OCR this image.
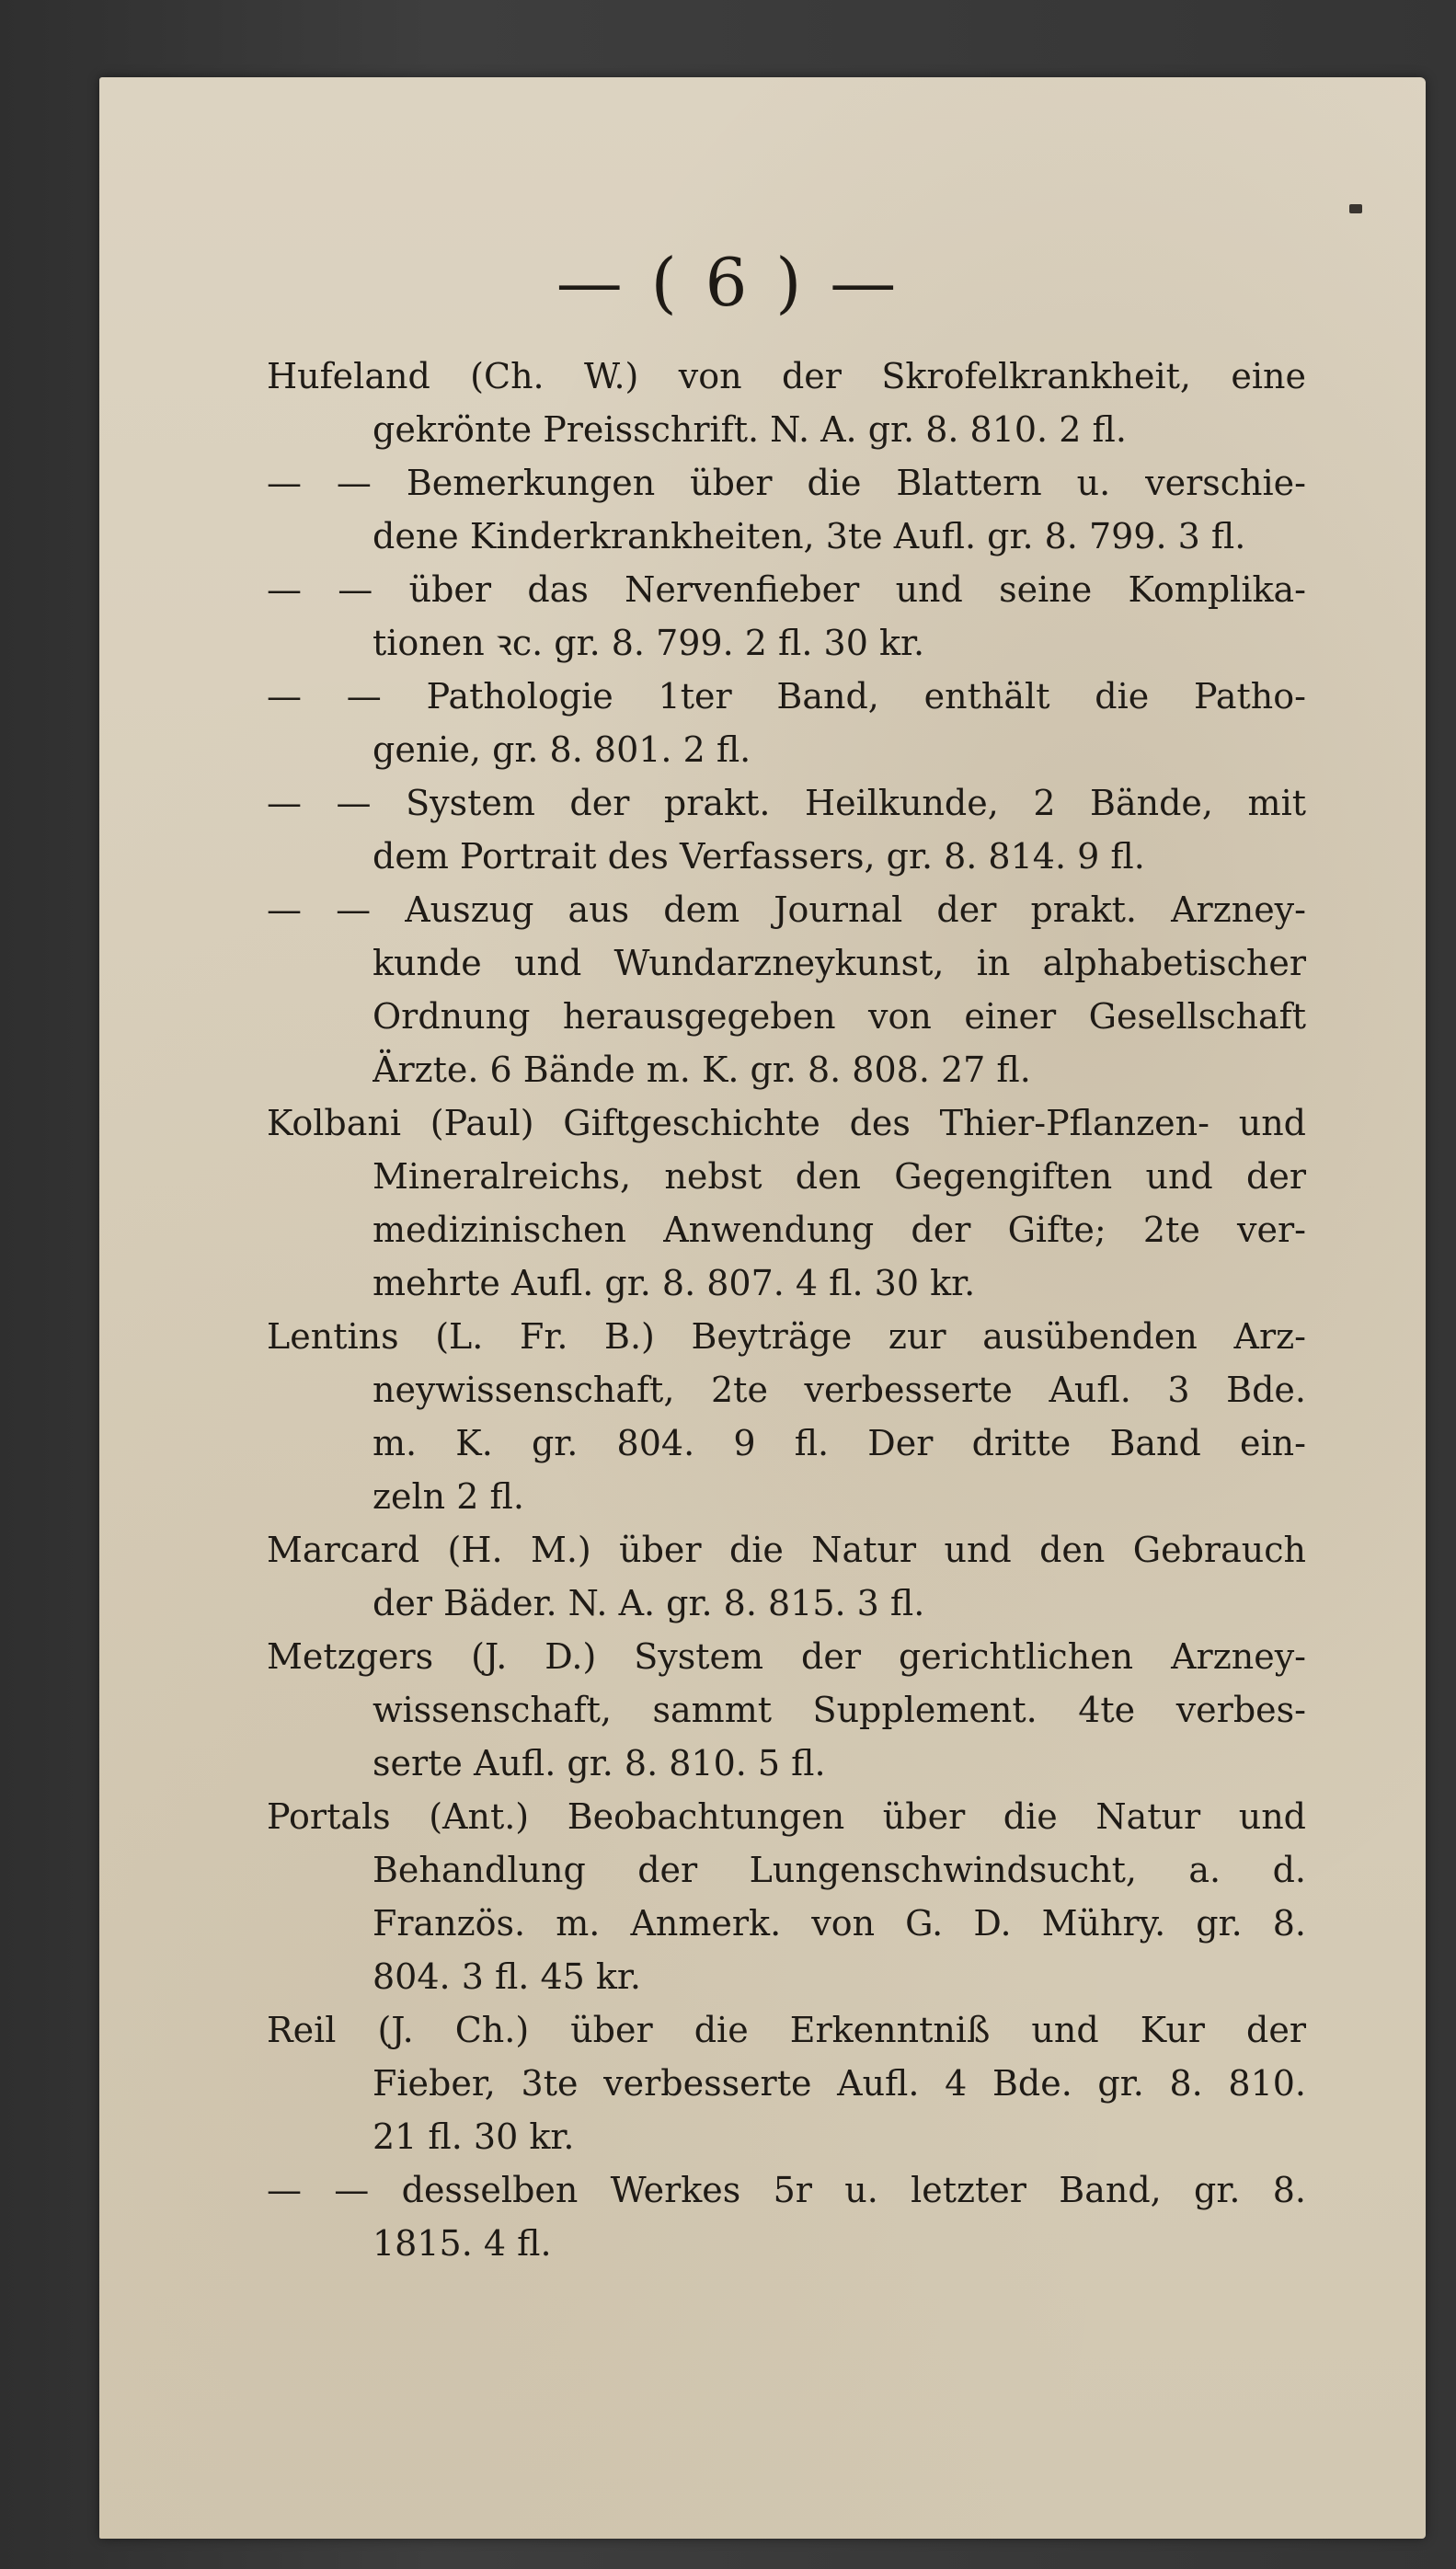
— ( 6 ) —
Hufeland (Ch. W.) von der Skrofelkrankheit, eine
gekrönte Preisschrift. N. A. gr. 8. 810. 2 fl.
— — Bemerkungen über die Blattern u. verschie-
dene Kinderkrankheiten, 3te Aufl. gr. 8. 799. 3 fl.
— — über das Nervenfieber und seine Komplika-
tionen ꝛc. gr. 8. 799. 2 fl. 30 kr.
— — Pathologie 1ter Band, enthält die Patho-
genie, gr. 8. 801. 2 fl.
— — System der prakt. Heilkunde, 2 Bände, mit
dem Portrait des Verfassers, gr. 8. 814. 9 fl.
— — Auszug aus dem Journal der prakt. Arzney-
kunde und Wundarzneykunst, in alphabetischer
Ordnung herausgegeben von einer Gesellschaft
Ärzte. 6 Bände m. K. gr. 8. 808. 27 fl.
Kolbani (Paul) Giftgeschichte des Thier-Pflanzen- und
Mineralreichs, nebst den Gegengiften und der
medizinischen Anwendung der Gifte; 2te ver-
mehrte Aufl. gr. 8. 807. 4 fl. 30 kr.
Lentins (L. Fr. B.) Beyträge zur ausübenden Arz-
neywissenschaft, 2te verbesserte Aufl. 3 Bde.
m. K. gr. 804. 9 fl. Der dritte Band ein-
zeln 2 fl.
Marcard (H. M.) über die Natur und den Gebrauch
der Bäder. N. A. gr. 8. 815. 3 fl.
Metzgers (J. D.) System der gerichtlichen Arzney-
wissenschaft, sammt Supplement. 4te verbes-
serte Aufl. gr. 8. 810. 5 fl.
Portals (Ant.) Beobachtungen über die Natur und
Behandlung der Lungenschwindsucht, a. d.
Französ. m. Anmerk. von G. D. Mühry. gr. 8.
804. 3 fl. 45 kr.
Reil (J. Ch.) über die Erkenntniß und Kur der
Fieber, 3te verbesserte Aufl. 4 Bde. gr. 8. 810.
21 fl. 30 kr.
— — desselben Werkes 5r u. letzter Band, gr. 8.
1815. 4 fl.
